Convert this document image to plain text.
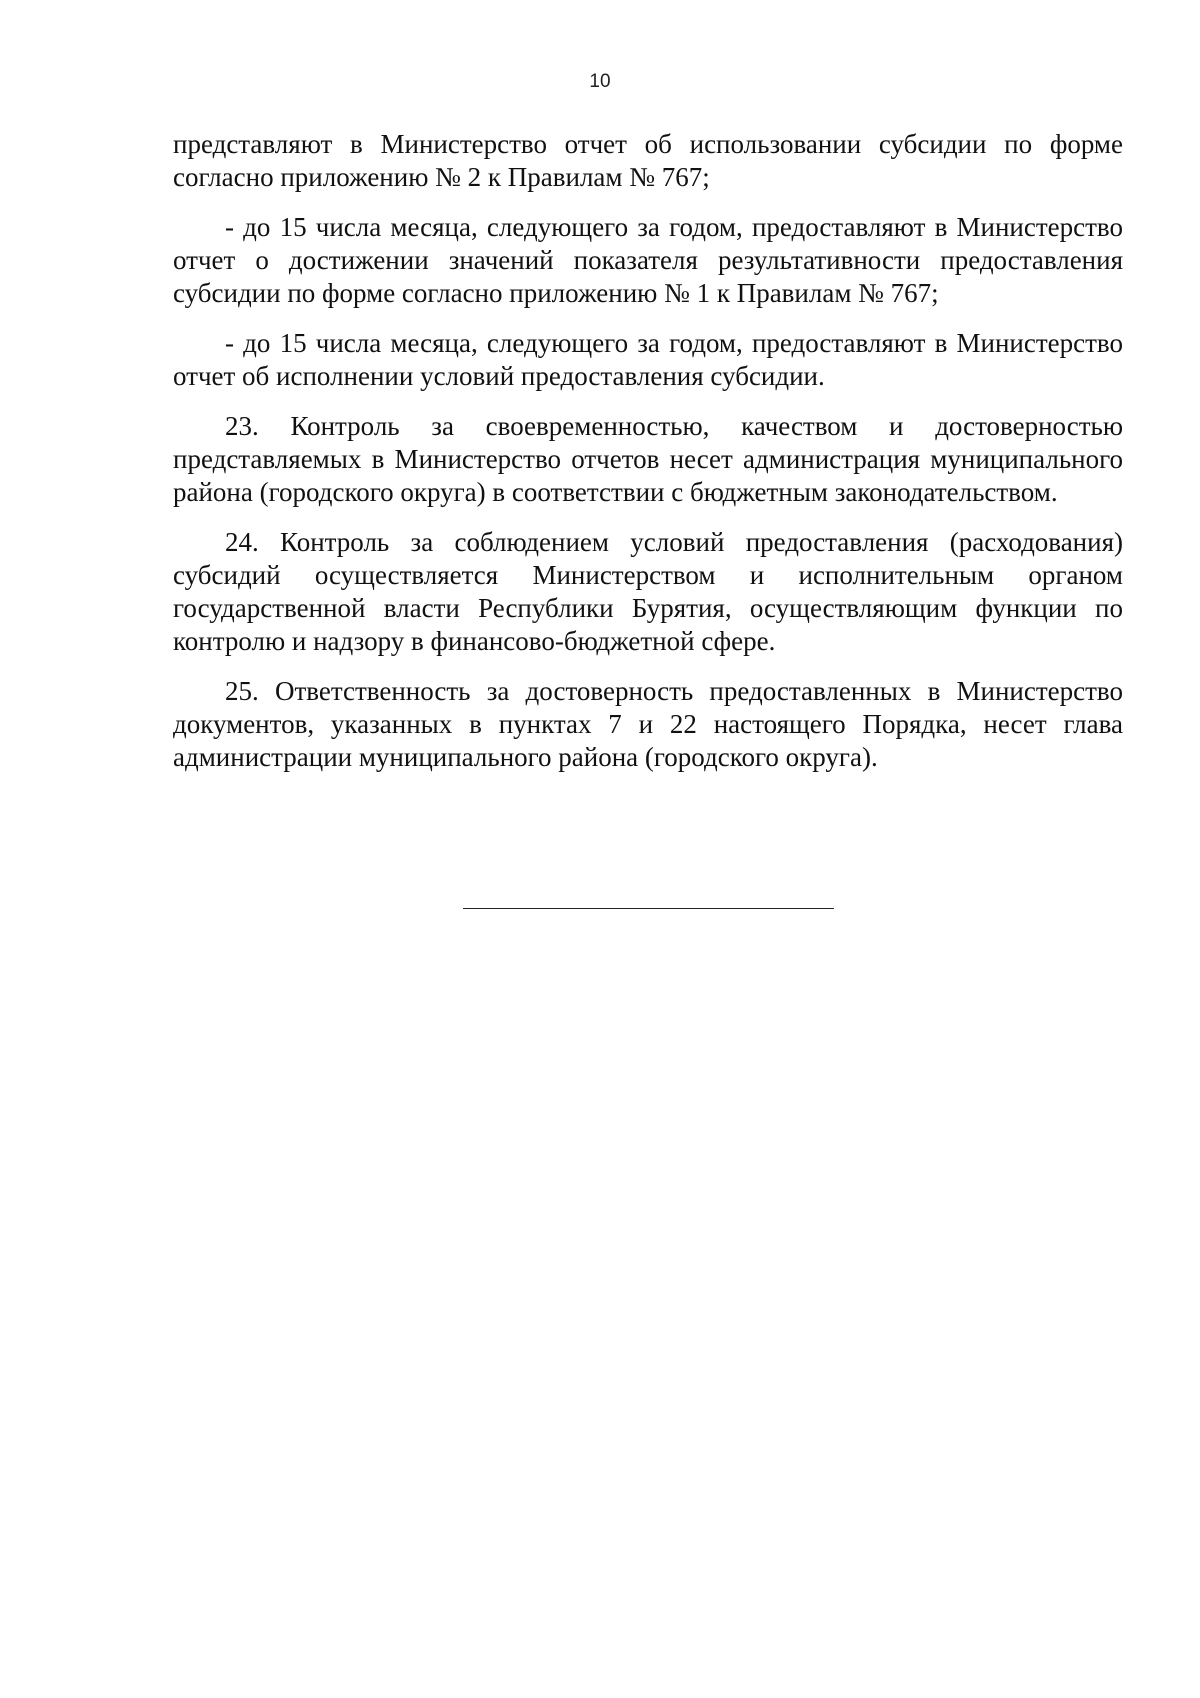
10

представляют в Министерство отчет об использовании субсидии по форме согласно приложению № 2 к Правилам № 767;

- до 15 числа месяца, следующего за годом, предоставляют в Министерство отчет о достижении значений показателя результативности предоставления субсидии по форме согласно приложению № 1 к Правилам № 767;

- до 15 числа месяца, следующего за годом, предоставляют в Министерство отчет об исполнении условий предоставления субсидии.

23. Контроль за своевременностью, качеством и достоверностью представляемых в Министерство отчетов несет администрация муниципального района (городского округа) в соответствии с бюджетным законодательством.

24. Контроль за соблюдением условий предоставления (расходования) субсидий осуществляется Министерством и исполнительным органом государственной власти Республики Бурятия, осуществляющим функции по контролю и надзору в финансово-бюджетной сфере.

25. Ответственность за достоверность предоставленных в Министерство документов, указанных в пунктах 7 и 22 настоящего Порядка, несет глава администрации муниципального района (городского округа).
